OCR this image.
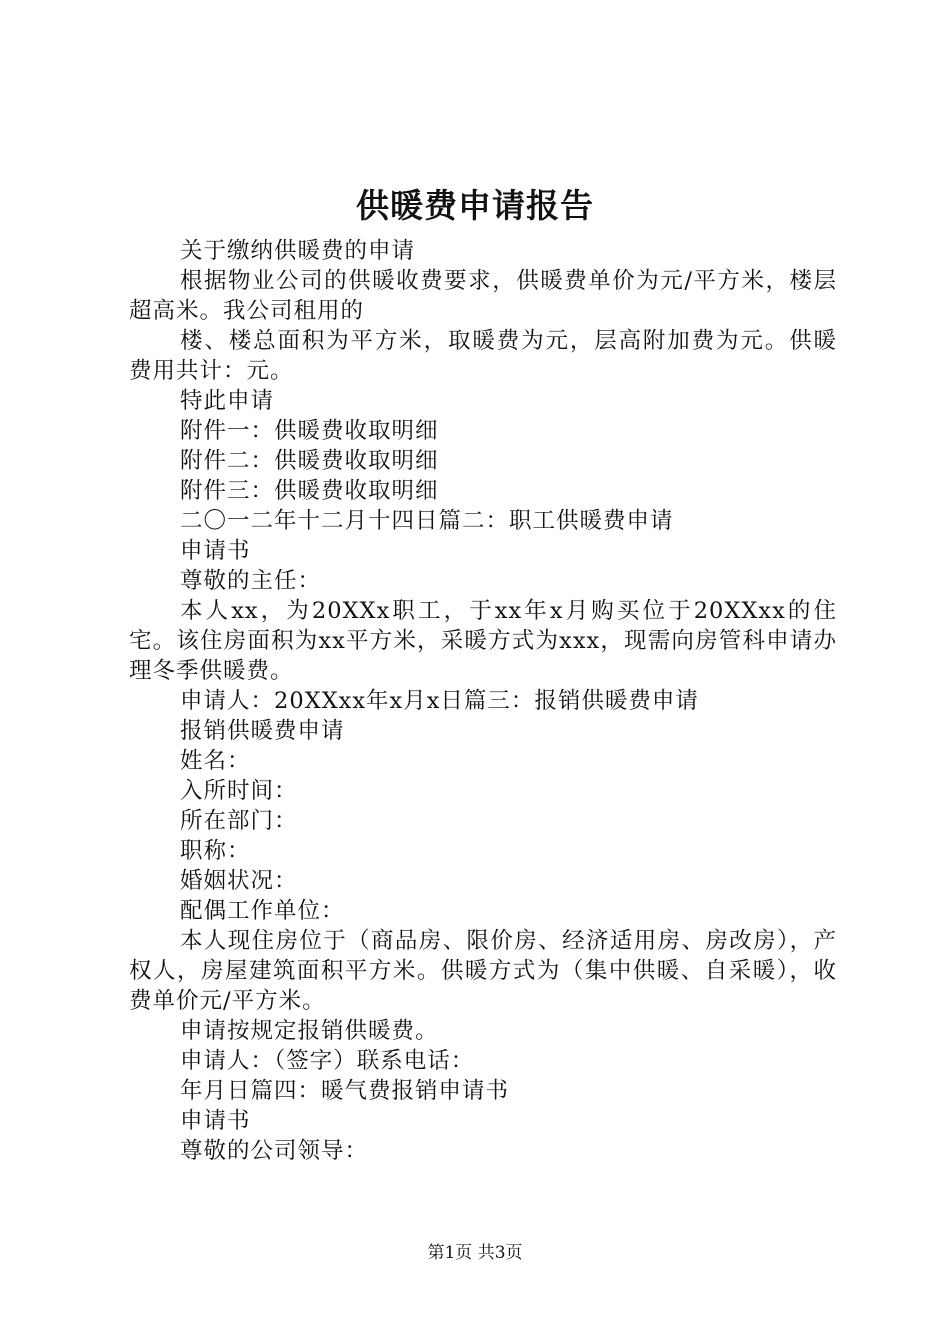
供暖费申请报告

关于缴纳供暖费的申请

根据物业公司的供暖收费要求，供暖费单价为元/平方米，楼层超高米。我公司租用的

楼、楼总面积为平方米，取暖费为元，层高附加费为元。供暖费用共计：元。

特此申请

附件一：供暖费收取明细

附件二：供暖费收取明细

附件三：供暖费收取明细

二〇一二年十二月十四日篇二：职工供暖费申请

申请书

尊敬的主任：

本人xx，为20XXx职工，于xx年x月购买位于20XXxx的住宅。该住房面积为xx平方米，采暖方式为xxx，现需向房管科申请办理冬季供暖费。

申请人：20XXxx年x月x日篇三：报销供暖费申请

报销供暖费申请

姓名：

入所时间：

所在部门：

职称：

婚姻状况：

配偶工作单位：

本人现住房位于（商品房、限价房、经济适用房、房改房），产权人，房屋建筑面积平方米。供暖方式为（集中供暖、自采暖），收费单价元/平方米。

申请按规定报销供暖费。

申请人：（签字）联系电话：

年月日篇四：暖气费报销申请书

申请书

尊敬的公司领导：

第1页 共3页
